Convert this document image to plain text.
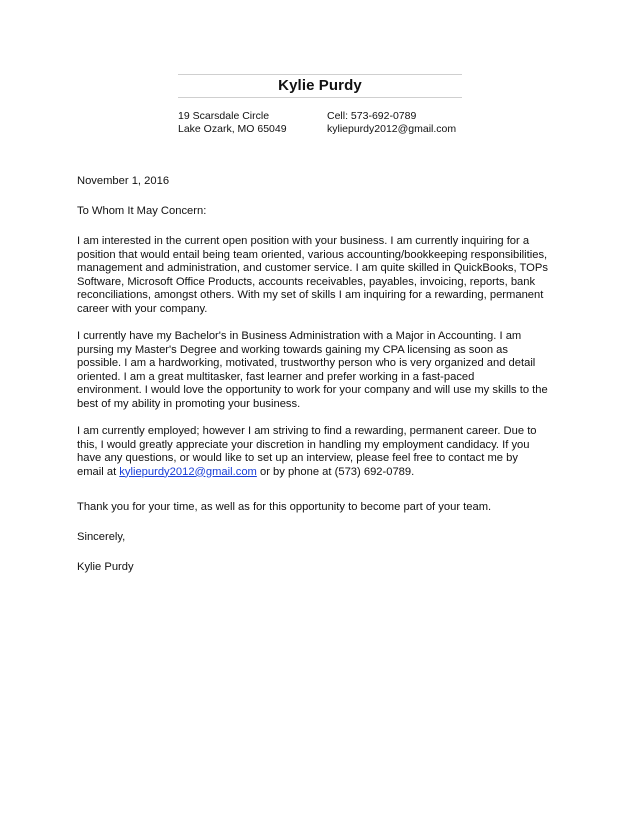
Kylie Purdy
19 Scarsdale Circle
Lake Ozark, MO 65049
Cell: 573-692-0789
kyliepurdy2012@gmail.com

November 1, 2016

To Whom It May Concern:

I am interested in the current open position with your business. I am currently inquiring for a
position that would entail being team oriented, various accounting/bookkeeping responsibilities,
management and administration, and customer service. I am quite skilled in QuickBooks, TOPs
Software, Microsoft Office Products, accounts receivables, payables, invoicing, reports, bank
reconciliations, amongst others. With my set of skills I am inquiring for a rewarding, permanent
career with your company.

I currently have my Bachelor's in Business Administration with a Major in Accounting. I am
pursing my Master's Degree and working towards gaining my CPA licensing as soon as
possible. I am a hardworking, motivated, trustworthy person who is very organized and detail
oriented. I am a great multitasker, fast learner and prefer working in a fast-paced
environment. I would love the opportunity to work for your company and will use my skills to the
best of my ability in promoting your business.

I am currently employed; however I am striving to find a rewarding, permanent career. Due to
this, I would greatly appreciate your discretion in handling my employment candidacy. If you
have any questions, or would like to set up an interview, please feel free to contact me by
email at kyliepurdy2012@gmail.com or by phone at (573) 692-0789.

Thank you for your time, as well as for this opportunity to become part of your team.

Sincerely,

Kylie Purdy
